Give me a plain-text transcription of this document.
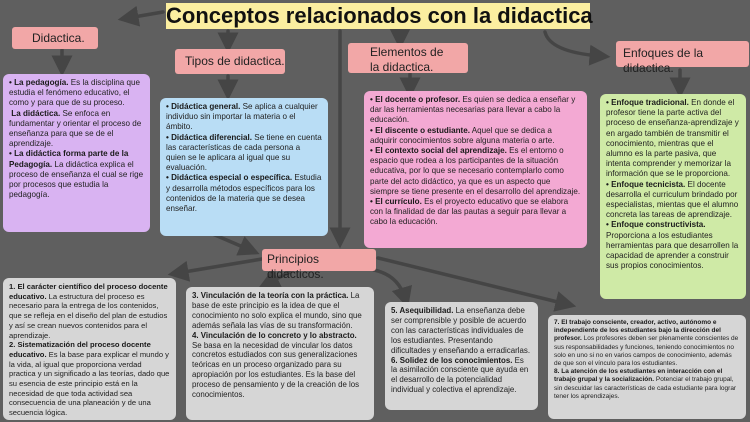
Conceptos relacionados con la didactica
Didactica.
Tipos de didactica.
Elementos de
la didactica.
Enfoques de la didactica.
Principios didacticos.

• La pedagogía. Es la disciplina que estudia el fenómeno educativo, el como y para que de su proceso.

La didáctica. Se enfoca en fundamentar y orientar el proceso de enseñanza para que se de el aprendizaje.

• La didáctica forma parte de la Pedagogía. La didáctica explica el proceso de enseñanza el cual se rige por procesos que estudia la pedagogía.

• Didáctica general. Se aplica a cualquier individuo sin importar la materia o el ámbito.

• Didáctica diferencial. Se tiene en cuenta las características de cada persona a quien se le aplicara al igual que su evaluación.

• Didáctica especial o específica. Estudia y desarrolla métodos específicos para los contenidos de la materia que se desea enseñar.

• El docente o profesor. Es quien se dedica a enseñar y dar las herramientas necesarias para llevar a cabo la educación.

• El discente o estudiante. Aquel que se dedica a adquirir conocimientos sobre alguna materia o arte.

• El contexto social del aprendizaje. Es el entorno o espacio que rodea a los participantes de la situación educativa, por lo que se necesario contemplarlo como parte del acto didáctico, ya que es un aspecto que siempre se tiene presente en el desarrollo del aprendizaje.

• El currículo. Es el proyecto educativo que se elabora con la finalidad de dar las pautas a seguir para llevar a cabo la educación.

• Enfoque tradicional. En donde el profesor tiene la parte activa del proceso de enseñanza-aprendizaje y en argado también de transmitir el conocimiento, mientras que el alumno es la parte pasiva, que intenta comprender y memorizar la información que se le proporciona.

• Enfoque tecnicista. El docente desarrolla el curriculum brindado por especialistas, mientas que el alumno concreta las tareas de aprendizaje.

• Enfoque constructivista. Proporciona a los estudiantes herramientas para que desarrollen la capacidad de aprender a construir sus propios conocimientos.

1. El carácter científico del proceso docente educativo. La estructura del proceso es necesario para la entrega de los contenidos, que se refleja en el diseño del plan de estudios y así se crean nuevos contenidos para el aprendizaje.

2. Sistematización del proceso docente educativo. Es la base para explicar el mundo y la vida, al igual que proporciona verdad practica y un significado a las teorías, dado que su esencia de este principio está en la necesidad de que toda actividad sea consecuencia de una planeación y de una secuencia lógica.

3. Vinculación de la teoría con la práctica. La base de este principio es la idea de que el conocimiento no solo explica el mundo, sino que además señala las vías de su transformación.

4. Vinculación de lo concreto y lo abstracto. Se basa en la necesidad de vincular los datos concretos estudiados con sus generalizaciones teóricas en un proceso organizado para su apropiación por los estudiantes. Es la base del proceso de pensamiento y de la creación de los conocimientos.

5. Asequibilidad. La enseñanza debe ser comprensible y posible de acuerdo con las características individuales de los estudiantes. Presentando dificultades y enseñando a erradicarlas.

6. Solidez de los conocimientos. Es la asimilación consciente que ayuda en el desarrollo de la potencialidad individual y colectiva el aprendizaje.

7. El trabajo consciente, creador, activo, autónomo e independiente de los estudiantes bajo la dirección del profesor. Los profesores deben ser plenamente conscientes de sus responsabilidades y funciones, teniendo conocimientos no solo en uno si no en varios campos de conocimiento, además de que son el vínculo para los estudiantes.

8. La atención de los estudiantes en interacción con el trabajo grupal y la socialización. Potenciar el trabajo grupal, sin descuidar las características de cada estudiante para lograr tener los aprendizajes.
